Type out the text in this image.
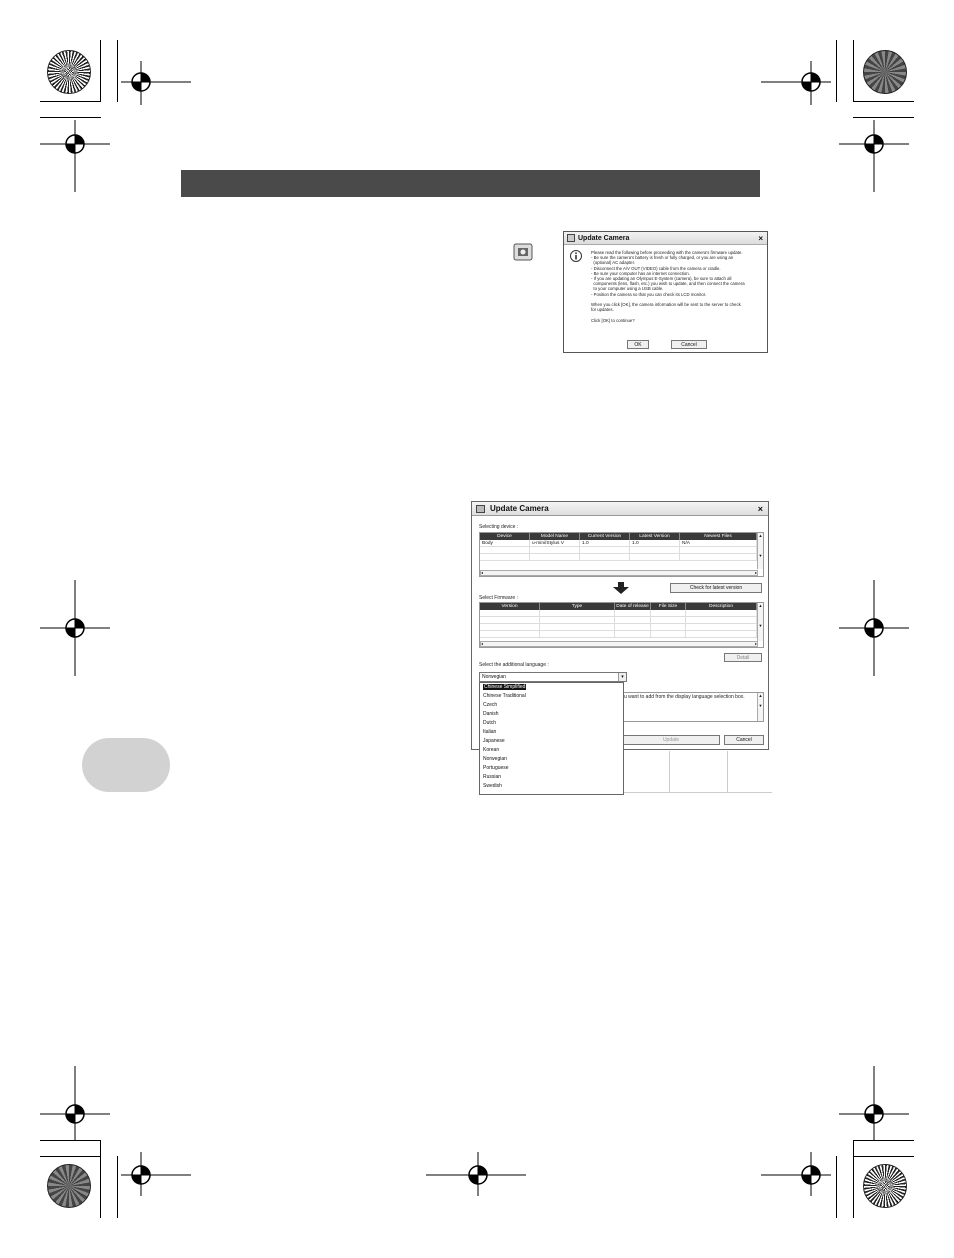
Update Camera	×
Please read the following before proceeding with the camera's firmware update.
- Be sure the camera's battery is fresh or fully charged, or you are using an
(optional) AC adapter.
- Disconnect the A/V OUT (VIDEO) cable from the camera or cradle.
- Be sure your computer has an internet connection.
- If you are updating an Olympus E-System (camera), be sure to attach all
components (lens, flash, etc.) you wish to update, and then connect the camera
to your computer using a USB cable.
- Position the camera so that you can check its LCD monitor.
When you click [OK], the camera information will be sent to the server to check
for updates.
Click [OK] to continue?
OK	Cancel
Update Camera	×
Selecting device :
Device	Model Name	Current Version	Latest Version	Newest Files
Body	u-mini/Stylus V	1.0	1.0	N/A
▲

▼
◂	▸
Check for latest version
Select Firmware :
Version	Type	Date of release	File Size	Description	▲

▼
◂	▸
Detail
Select the additional language :
Norwegian	▾
u want to add from the display language selection box.	▲

▼
Update	Cancel
Chinese Simplified
Chinese Traditional
Czech
Danish
Dutch
Italian
Japanese
Korean
Norwegian
Portuguese
Russian
Swedish
